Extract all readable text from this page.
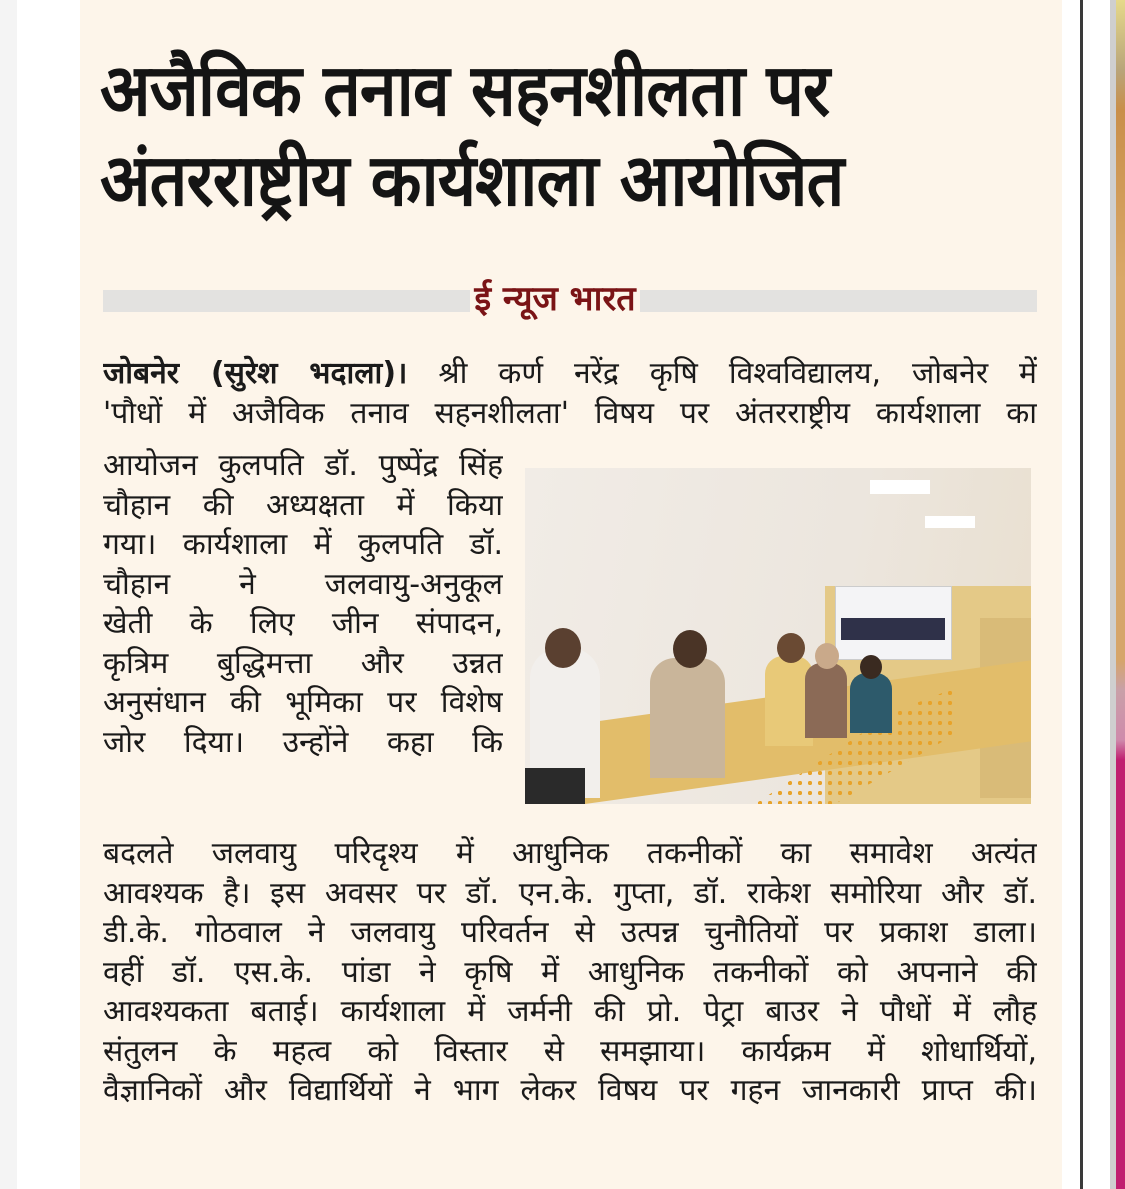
अजैविक तनाव सहनशीलता पर
अंतरराष्ट्रीय कार्यशाला आयोजित
ई न्यूज भारत
जोबनेर (सुरेश भदाला)। श्री कर्ण नरेंद्र कृषि विश्वविद्यालय, जोबनेर में
'पौधों में अजैविक तनाव सहनशीलता' विषय पर अंतरराष्ट्रीय कार्यशाला का
आयोजन कुलपति डॉ. पुष्पेंद्र सिंह
चौहान की अध्यक्षता में किया
गया। कार्यशाला में कुलपति डॉ.
चौहान ने जलवायु-अनुकूल
खेती के लिए जीन संपादन,
कृत्रिम बुद्धिमत्ता और उन्नत
अनुसंधान की भूमिका पर विशेष
जोर दिया। उन्होंने कहा कि
बदलते जलवायु परिदृश्य में आधुनिक तकनीकों का समावेश अत्यंत
आवश्यक है। इस अवसर पर डॉ. एन.के. गुप्ता, डॉ. राकेश समोरिया और डॉ.
डी.के. गोठवाल ने जलवायु परिवर्तन से उत्पन्न चुनौतियों पर प्रकाश डाला।
वहीं डॉ. एस.के. पांडा ने कृषि में आधुनिक तकनीकों को अपनाने की
आवश्यकता बताई। कार्यशाला में जर्मनी की प्रो. पेट्रा बाउर ने पौधों में लौह
संतुलन के महत्व को विस्तार से समझाया। कार्यक्रम में शोधार्थियों,
वैज्ञानिकों और विद्यार्थियों ने भाग लेकर विषय पर गहन जानकारी प्राप्त की।
